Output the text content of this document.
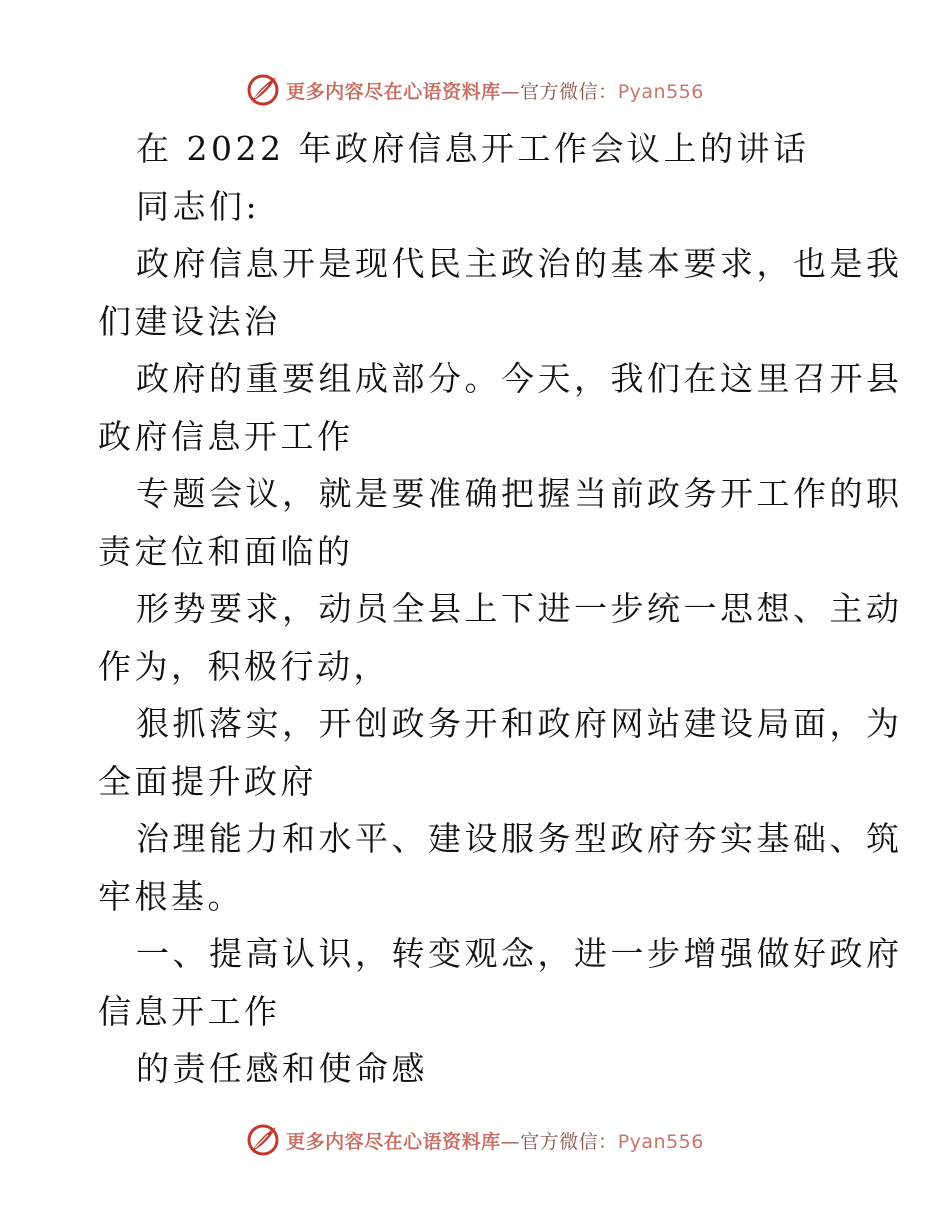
更多内容尽在心语资料库—官方微信：Pyan556
在 2022 年政府信息开工作会议上的讲话
同志们:
政府信息开是现代民主政治的基本要求，也是我
们建设法治
政府的重要组成部分。今天，我们在这里召开县
政府信息开工作
专题会议，就是要准确把握当前政务开工作的职
责定位和面临的
形势要求，动员全县上下进一步统一思想、主动
作为，积极行动，
狠抓落实，开创政务开和政府网站建设局面，为
全面提升政府
治理能力和水平、建设服务型政府夯实基础、筑
牢根基。
一、提高认识，转变观念，进一步增强做好政府
信息开工作
的责任感和使命感
更多内容尽在心语资料库—官方微信：Pyan556
